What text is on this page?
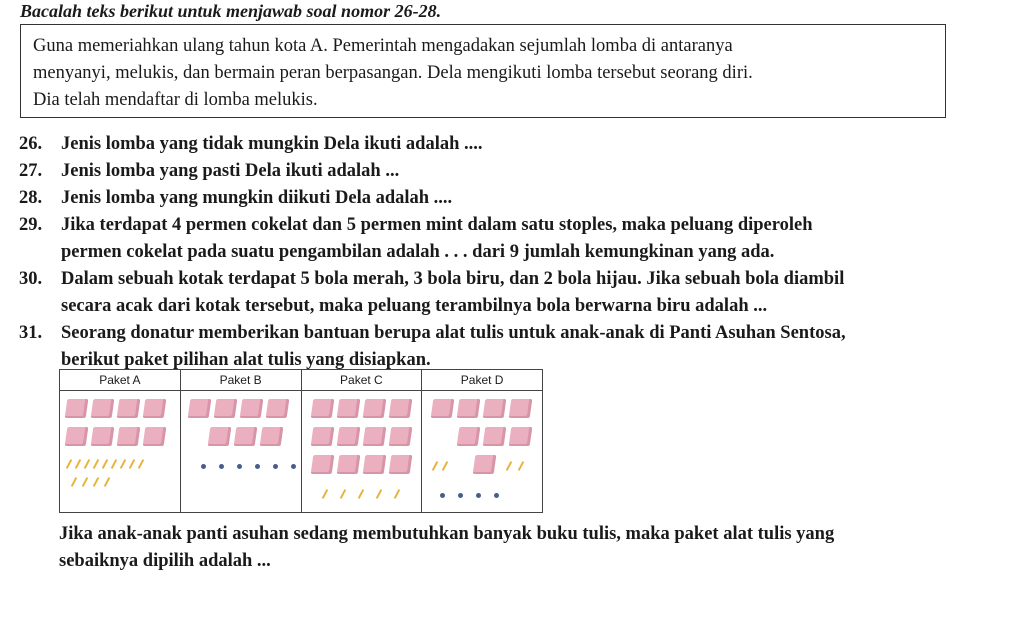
Bacalah teks berikut untuk menjawab soal nomor 26-28.

Guna memeriahkan ulang tahun kota A. Pemerintah mengadakan sejumlah lomba di antaranya

menyanyi, melukis, dan bermain peran berpasangan. Dela mengikuti lomba tersebut seorang diri.

Dia telah mendaftar di lomba melukis.

26. Jenis lomba yang tidak mungkin Dela ikuti adalah ....
27. Jenis lomba yang pasti Dela ikuti adalah ...
28. Jenis lomba yang mungkin diikuti Dela adalah ....
29. Jika terdapat 4 permen cokelat dan 5 permen mint dalam satu stoples, maka peluang diperoleh
permen cokelat pada suatu pengambilan adalah . . . dari 9 jumlah kemungkinan yang ada.
30. Dalam sebuah kotak terdapat 5 bola merah, 3 bola biru, dan 2 bola hijau. Jika sebuah bola diambil
secara acak dari kotak tersebut, maka peluang terambilnya bola berwarna biru adalah ...
31. Seorang donatur memberikan bantuan berupa alat tulis untuk anak-anak di Panti Asuhan Sentosa,
berikut paket pilihan alat tulis yang disiapkan.
Paket A	Paket B	Paket C	Paket D

Jika anak-anak panti asuhan sedang membutuhkan banyak buku tulis, maka paket alat tulis yang
sebaiknya dipilih adalah ...
